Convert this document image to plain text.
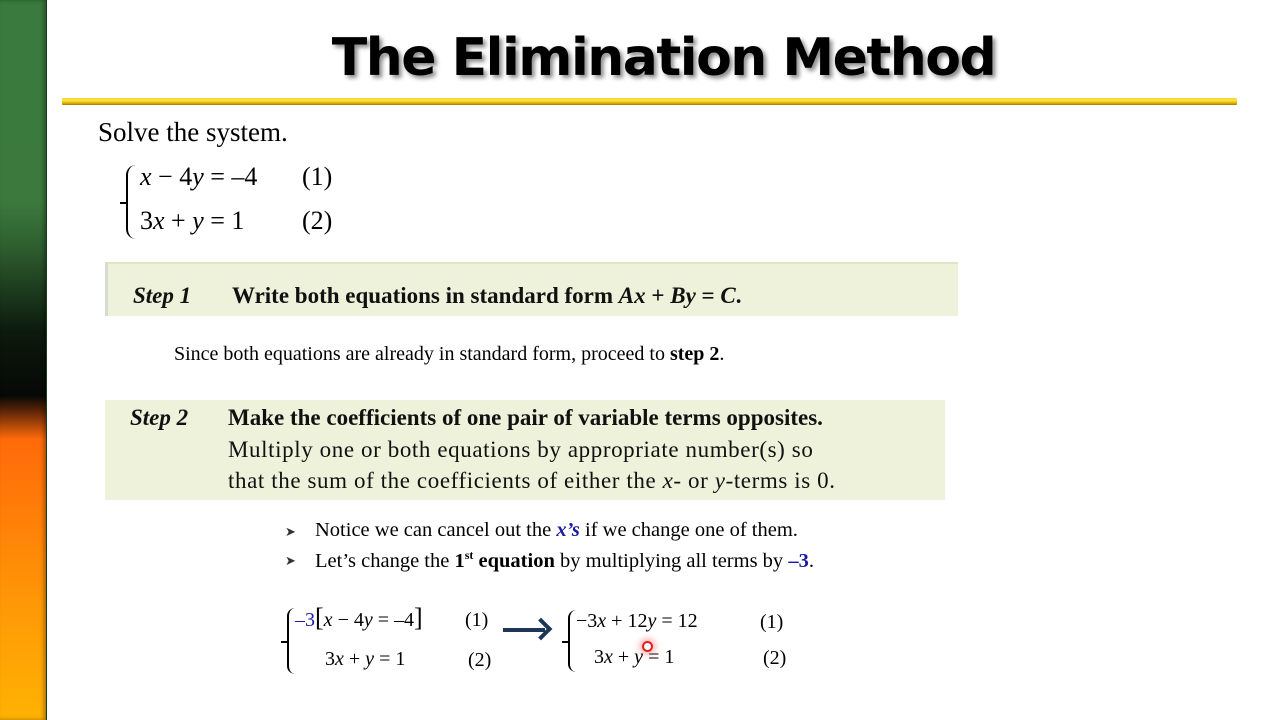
The Elimination Method
Solve the system.
x − 4y = –4 (1)
3x + y = 1 (2)
Step 1 Write both equations in standard form Ax + By = C.
Since both equations are already in standard form, proceed to step 2.
Step 2 Make the coefficients of one pair of variable terms opposites.
Multiply one or both equations by appropriate number(s) so
that the sum of the coefficients of either the x- or y-terms is 0.
➤ Notice we can cancel out the x’s if we change one of them.
➤ Let’s change the 1st equation by multiplying all terms by –3.
–3[x − 4y = –4] (1)
3x + y = 1	(2)
−3x + 12y = 12	(1)
3x + y = 1	(2)
